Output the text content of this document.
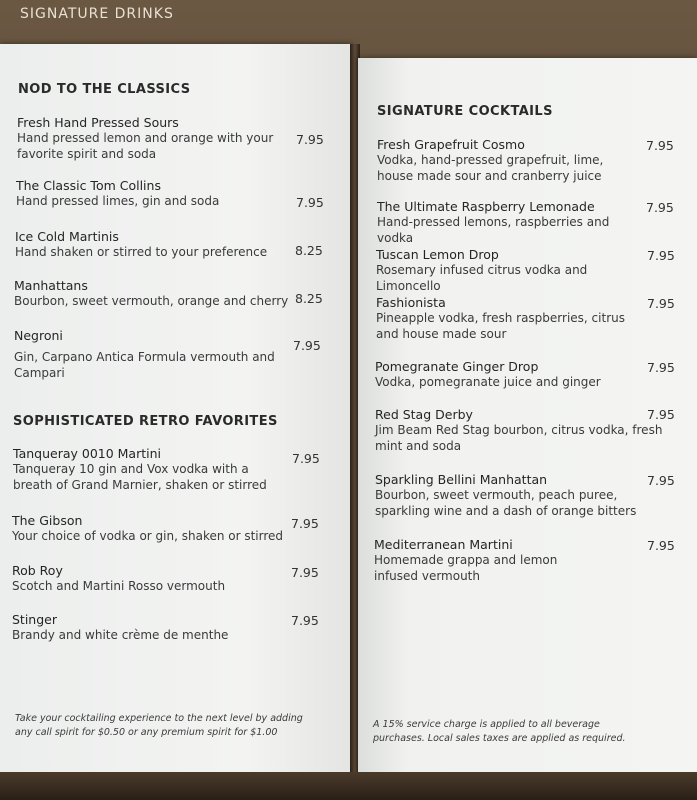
SIGNATURE DRINKS
NOD TO THE CLASSICS
Fresh Hand Pressed Sours
Hand pressed lemon and orange with your favorite spirit and soda
7.95
The Classic Tom Collins
Hand pressed limes, gin and soda	7.95
Ice Cold Martinis
Hand shaken or stirred to your preference	8.25
Manhattans
Bourbon, sweet vermouth, orange and cherry 8.25
Negroni
Gin, Carpano Antica Formula vermouth and Campari
7.95
SOPHISTICATED RETRO FAVORITES
Tanqueray 0010 Martini
Tanqueray 10 gin and Vox vodka with a breath of Grand Marnier, shaken or stirred
7.95
The Gibson
Your choice of vodka or gin, shaken or stirred
7.95
Rob Roy
Scotch and Martini Rosso vermouth
7.95
Stinger
Brandy and white crème de menthe
7.95
Take your cocktailing experience to the next level by adding any call spirit for $0.50 or any premium spirit for $1.00
SIGNATURE COCKTAILS
Fresh Grapefruit Cosmo
Vodka, hand-pressed grapefruit, lime, house made sour and cranberry juice
7.95
The Ultimate Raspberry Lemonade
Hand-pressed lemons, raspberries and vodka
7.95
Tuscan Lemon Drop
Rosemary infused citrus vodka and Limoncello
7.95
Fashionista
Pineapple vodka, fresh raspberries, citrus and house made sour
7.95
Pomegranate Ginger Drop
Vodka, pomegranate juice and ginger
7.95
Red Stag Derby
Jim Beam Red Stag bourbon, citrus vodka, fresh mint and soda
7.95
Sparkling Bellini Manhattan
Bourbon, sweet vermouth, peach puree, sparkling wine and a dash of orange bitters
7.95
Mediterranean Martini
Homemade grappa and lemon infused vermouth
7.95
A 15% service charge is applied to all beverage purchases. Local sales taxes are applied as required.
